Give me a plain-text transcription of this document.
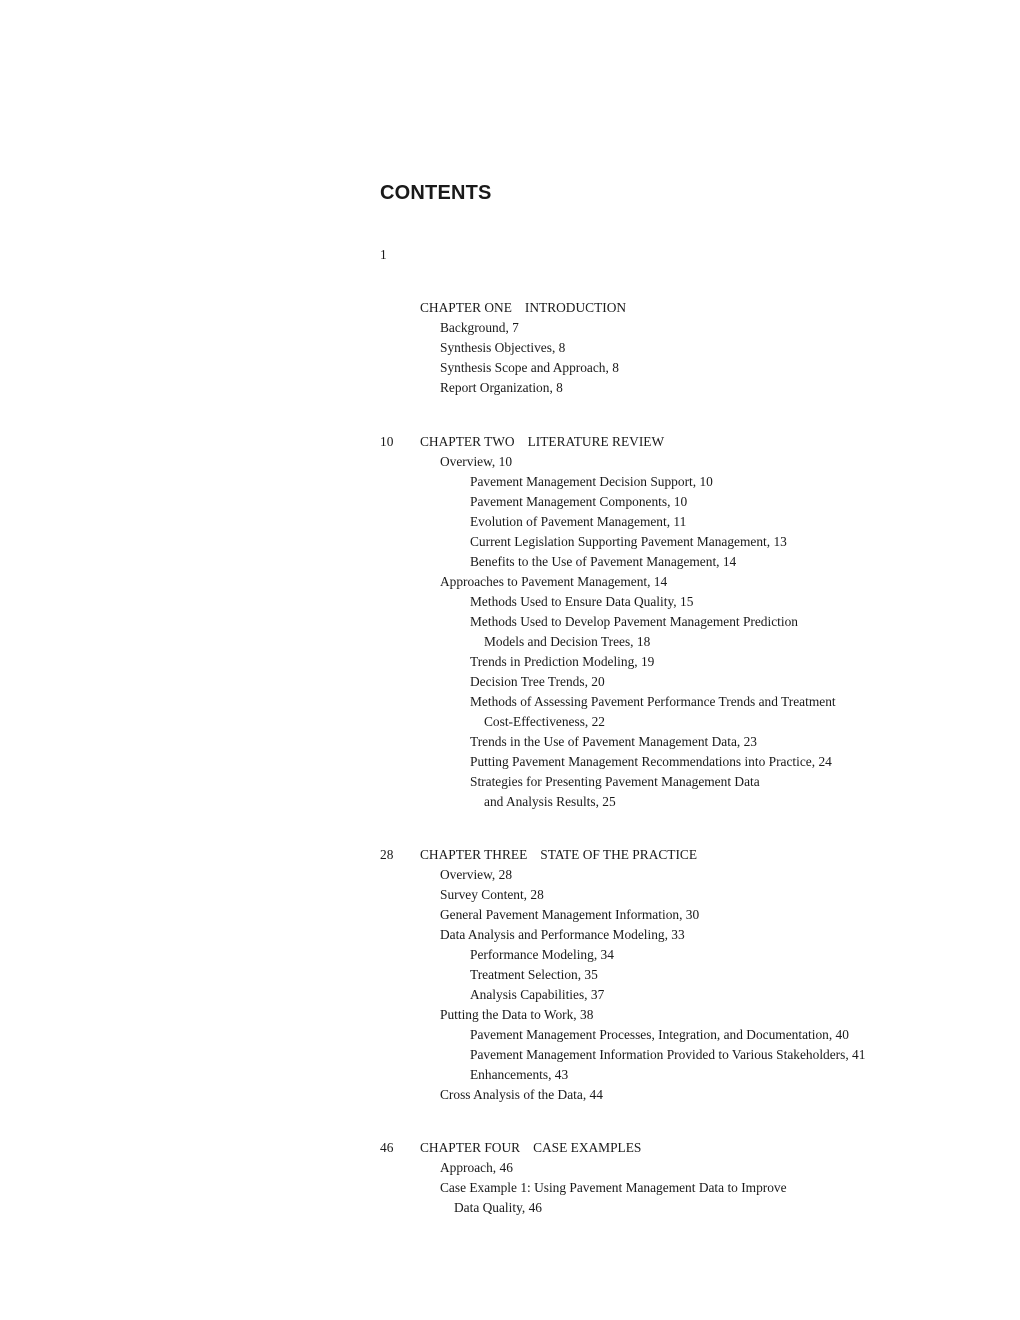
CONTENTS
1
CHAPTER ONE INTRODUCTION
Background, 7
Synthesis Objectives, 8
Synthesis Scope and Approach, 8
Report Organization, 8
10 CHAPTER TWO LITERATURE REVIEW
Overview, 10
Pavement Management Decision Support, 10
Pavement Management Components, 10
Evolution of Pavement Management, 11
Current Legislation Supporting Pavement Management, 13
Benefits to the Use of Pavement Management, 14
Approaches to Pavement Management, 14
Methods Used to Ensure Data Quality, 15
Methods Used to Develop Pavement Management Prediction
Models and Decision Trees, 18
Trends in Prediction Modeling, 19
Decision Tree Trends, 20
Methods of Assessing Pavement Performance Trends and Treatment
Cost-Effectiveness, 22
Trends in the Use of Pavement Management Data, 23
Putting Pavement Management Recommendations into Practice, 24
Strategies for Presenting Pavement Management Data
and Analysis Results, 25
28 CHAPTER THREE STATE OF THE PRACTICE
Overview, 28
Survey Content, 28
General Pavement Management Information, 30
Data Analysis and Performance Modeling, 33
Performance Modeling, 34
Treatment Selection, 35
Analysis Capabilities, 37
Putting the Data to Work, 38
Pavement Management Processes, Integration, and Documentation, 40
Pavement Management Information Provided to Various Stakeholders, 41
Enhancements, 43
Cross Analysis of the Data, 44
46 CHAPTER FOUR CASE EXAMPLES
Approach, 46
Case Example 1: Using Pavement Management Data to Improve
Data Quality, 46
